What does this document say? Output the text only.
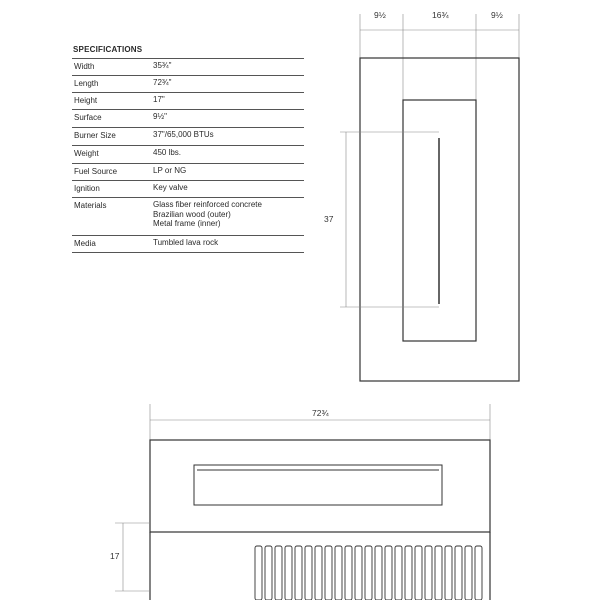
SPECIFICATIONS
Width	35¾"
Length	72¾"
Height	17"
Surface	9½"
Burner Size	37"/65,000 BTUs
Weight	450 lbs.
Fuel Source	LP or NG
Ignition	Key valve
Materials	Glass fiber reinforced concrete
Brazilian wood (outer)
Metal frame (inner)
Media	Tumbled lava rock
9½	16¾	9½
37
72¾
17
